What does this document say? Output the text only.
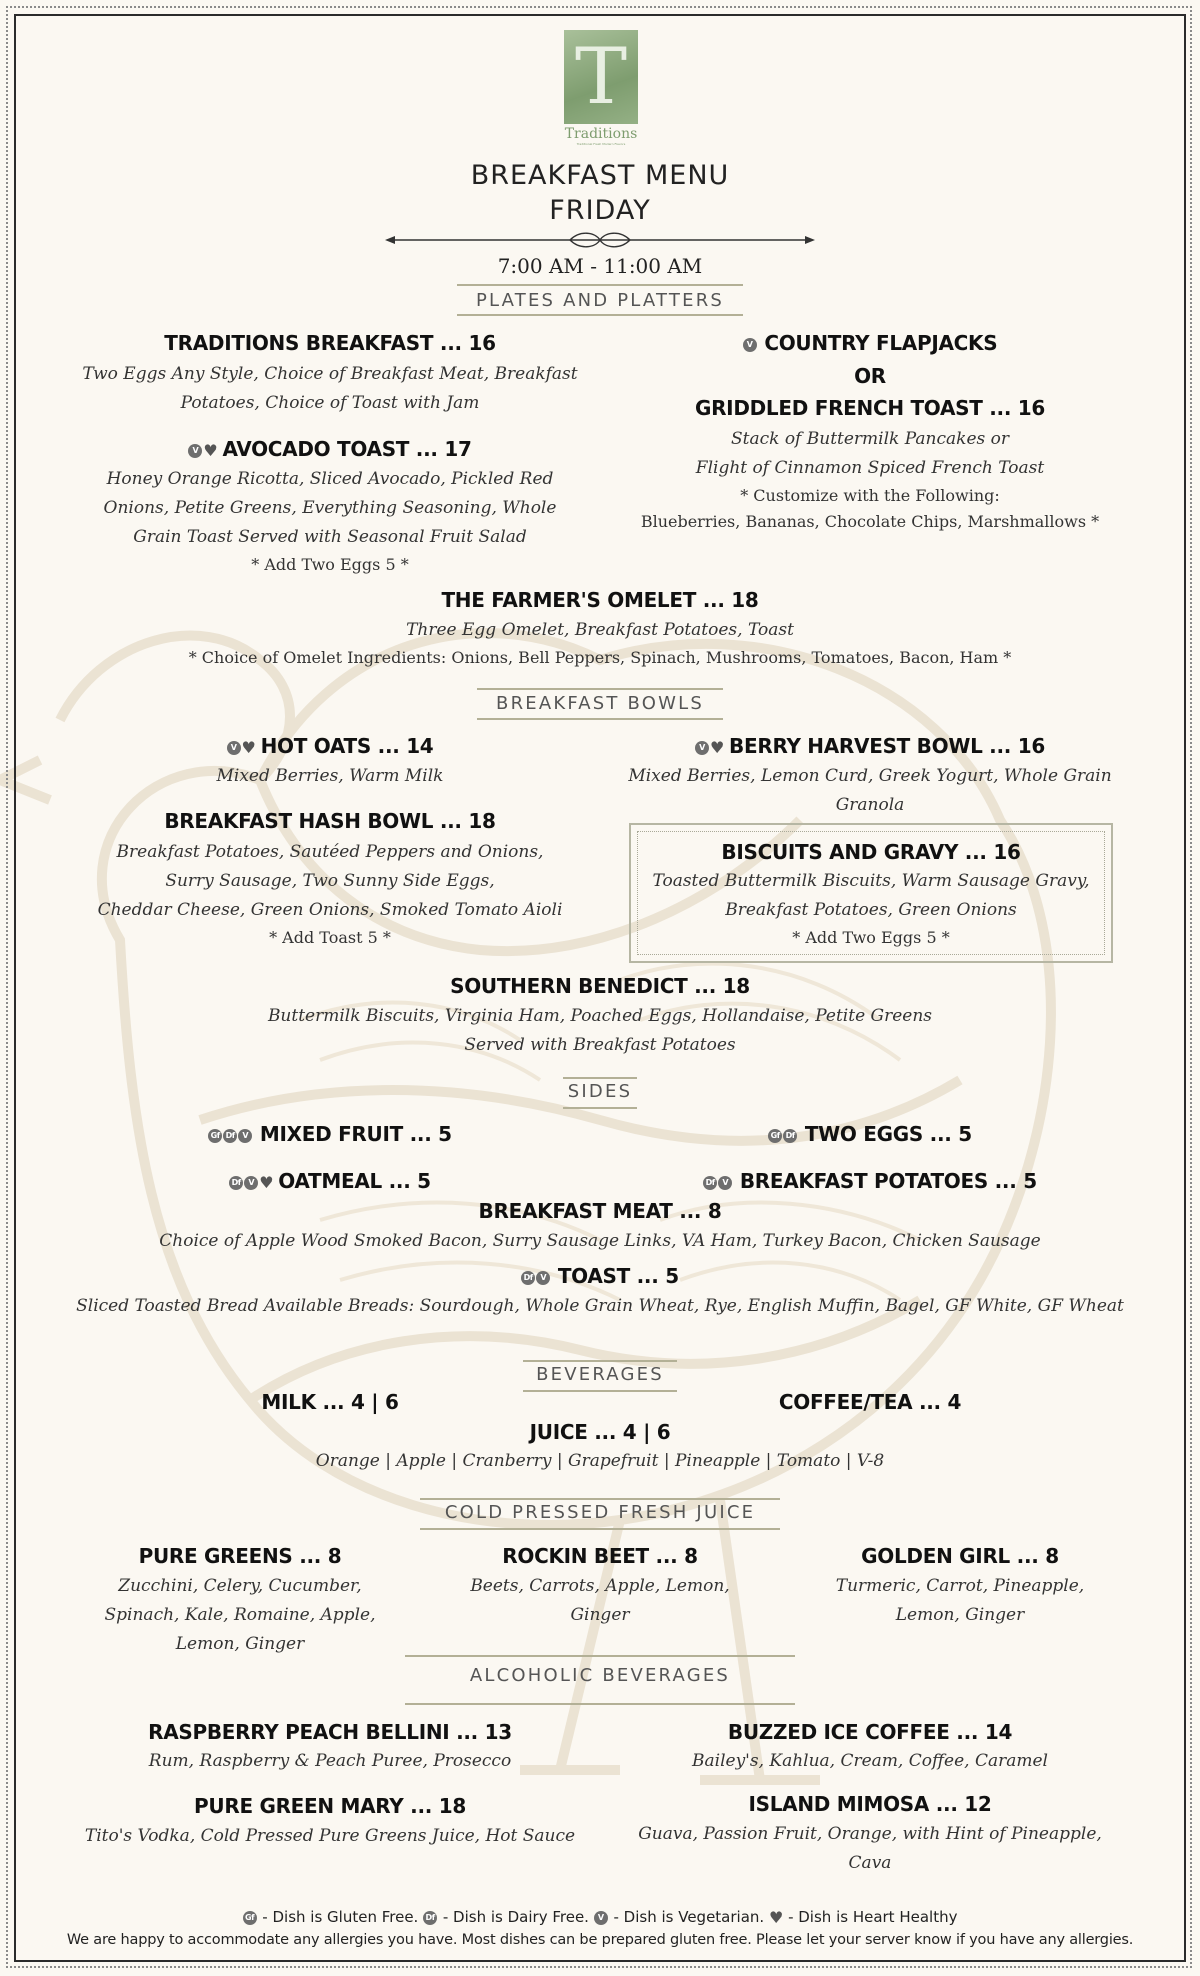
T
Traditions
Traditional Fresh Modern Flavors
BREAKFAST MENU
FRIDAY
7:00 AM - 11:00 AM
PLATES AND PLATTERS
TRADITIONS BREAKFAST ... 16
Two Eggs Any Style, Choice of Breakfast Meat, Breakfast
Potatoes, Choice of Toast with Jam
V ♥ AVOCADO TOAST ... 17
Honey Orange Ricotta, Sliced Avocado, Pickled Red
Onions, Petite Greens, Everything Seasoning, Whole
Grain Toast Served with Seasonal Fruit Salad
* Add Two Eggs 5 *
V COUNTRY FLAPJACKS
OR
GRIDDLED FRENCH TOAST ... 16
Stack of Buttermilk Pancakes or
Flight of Cinnamon Spiced French Toast
* Customize with the Following:
Blueberries, Bananas, Chocolate Chips, Marshmallows *
THE FARMER'S OMELET ... 18
Three Egg Omelet, Breakfast Potatoes, Toast
* Choice of Omelet Ingredients: Onions, Bell Peppers, Spinach, Mushrooms, Tomatoes, Bacon, Ham *
BREAKFAST BOWLS
V ♥ HOT OATS ... 14
Mixed Berries, Warm Milk
V ♥ BERRY HARVEST BOWL ... 16
Mixed Berries, Lemon Curd, Greek Yogurt, Whole Grain
Granola
BREAKFAST HASH BOWL ... 18
Breakfast Potatoes, Sautéed Peppers and Onions,
Surry Sausage, Two Sunny Side Eggs,
Cheddar Cheese, Green Onions, Smoked Tomato Aioli
* Add Toast 5 *
BISCUITS AND GRAVY ... 16
Toasted Buttermilk Biscuits, Warm Sausage Gravy,
Breakfast Potatoes, Green Onions
* Add Two Eggs 5 *
SOUTHERN BENEDICT ... 18
Buttermilk Biscuits, Virginia Ham, Poached Eggs, Hollandaise, Petite Greens
Served with Breakfast Potatoes
SIDES
Gf Df V MIXED FRUIT ... 5	Gf Df TWO EGGS ... 5
Df V ♥ OATMEAL ... 5	Df V BREAKFAST POTATOES ... 5
BREAKFAST MEAT ... 8
Choice of Apple Wood Smoked Bacon, Surry Sausage Links, VA Ham, Turkey Bacon, Chicken Sausage
Df V TOAST ... 5
Sliced Toasted Bread Available Breads: Sourdough, Whole Grain Wheat, Rye, English Muffin, Bagel, GF White, GF Wheat
BEVERAGES
MILK ... 4 | 6	COFFEE/TEA ... 4
JUICE ... 4 | 6
Orange | Apple | Cranberry | Grapefruit | Pineapple | Tomato | V-8
COLD PRESSED FRESH JUICE
PURE GREENS ... 8
Zucchini, Celery, Cucumber,
Spinach, Kale, Romaine, Apple,
Lemon, Ginger
ROCKIN BEET ... 8
Beets, Carrots, Apple, Lemon,
Ginger
GOLDEN GIRL ... 8
Turmeric, Carrot, Pineapple,
Lemon, Ginger
ALCOHOLIC BEVERAGES
RASPBERRY PEACH BELLINI ... 13
Rum, Raspberry & Peach Puree, Prosecco
BUZZED ICE COFFEE ... 14
Bailey's, Kahlua, Cream, Coffee, Caramel
PURE GREEN MARY ... 18
Tito's Vodka, Cold Pressed Pure Greens Juice, Hot Sauce
ISLAND MIMOSA ... 12
Guava, Passion Fruit, Orange, with Hint of Pineapple,
Cava
Gf - Dish is Gluten Free. Df - Dish is Dairy Free. V - Dish is Vegetarian. ♥ - Dish is Heart Healthy
We are happy to accommodate any allergies you have. Most dishes can be prepared gluten free. Please let your server know if you have any allergies.
